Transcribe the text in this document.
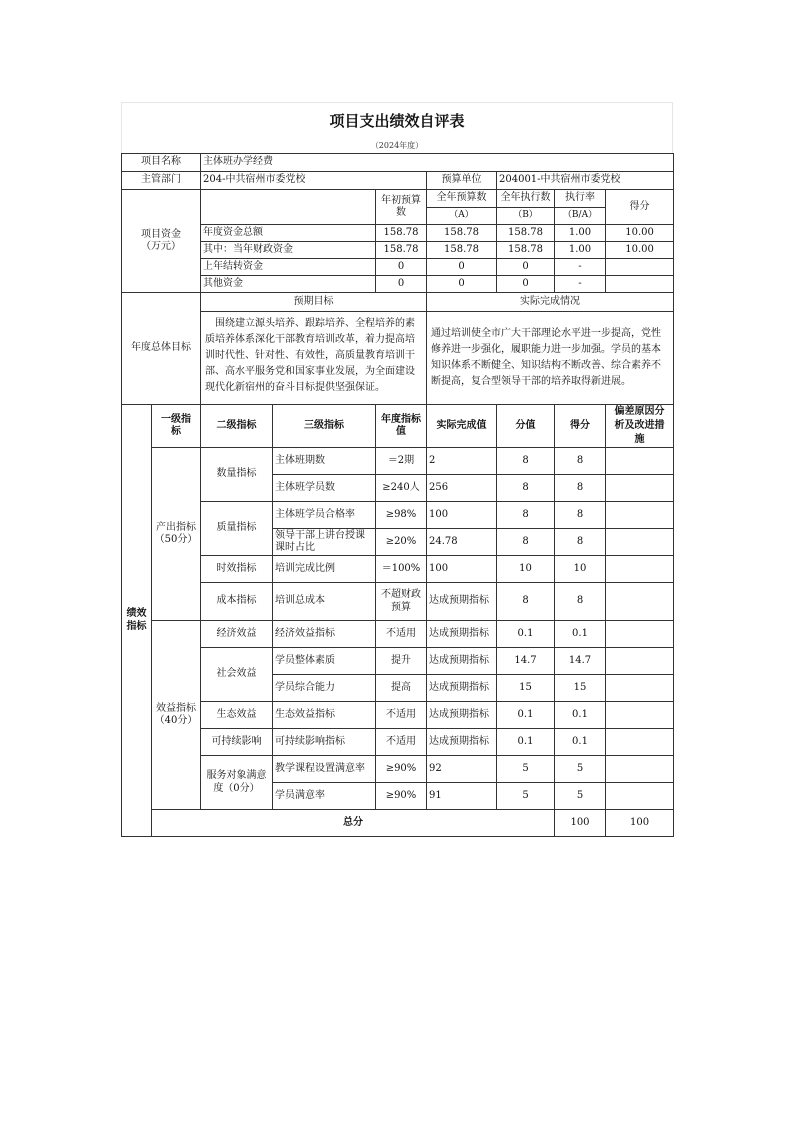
项目支出绩效自评表
（2024年度）
项目名称		主体班办学经费							
主管部门		204-中共宿州市委党校			预算单位	204001-中共宿州市委党校			
项目资金
（万元）				年初预算数	全年预算数	全年执行数	执行率	得分	
					（A）	（B）	（B/A）		
		年度资金总额		158.78	158.78	158.78	1.00	10.00	
		其中：当年财政资金		158.78	158.78	158.78	1.00	10.00	
		上年结转资金		0	0	0	-		
		其他资金		0	0	0	-		
年度总体目标		预期目标			实际完成情况				
		　围绕建立源头培养、跟踪培养、全程培养的素质培养体系深化干部教育培训改革，着力提高培训时代性、针对性、有效性，高质量教育培训干部、高水平服务党和国家事业发展，为全面建设现代化新宿州的奋斗目标提供坚强保证。			通过培训使全市广大干部理论水平进一步提高，党性修养进一步强化，履职能力进一步加强。学员的基本知识体系不断健全、知识结构不断改善、综合素养不断提高，复合型领导干部的培养取得新进展。				
绩效
指标	一级指
标	二级指标	三级指标	年度指标
值	实际完成值	分值	得分	偏差原因分
析及改进措
施	
	产出指标
（50分）	数量指标	主体班期数	＝2期	2	8	8		
			主体班学员数	≥240人	256	8	8		
		质量指标	主体班学员合格率	≥98%	100	8	8		
			领导干部上讲台授课课时占比	≥20%	24.78	8	8		
		时效指标	培训完成比例	＝100%	100	10	10		
		成本指标	培训总成本	不超财政
预算	达成预期指标	8	8		
	效益指标
（40分）	经济效益	经济效益指标	不适用	达成预期指标	0.1	0.1		
		社会效益	学员整体素质	提升	达成预期指标	14.7	14.7		
			学员综合能力	提高	达成预期指标	15	15		
		生态效益	生态效益指标	不适用	达成预期指标	0.1	0.1		
		可持续影响	可持续影响指标	不适用	达成预期指标	0.1	0.1		
		服务对象满意
度（0分）	教学课程设置满意率	≥90%	92	5	5		
			学员满意率	≥90%	91	5	5		
	总分						100	100	
